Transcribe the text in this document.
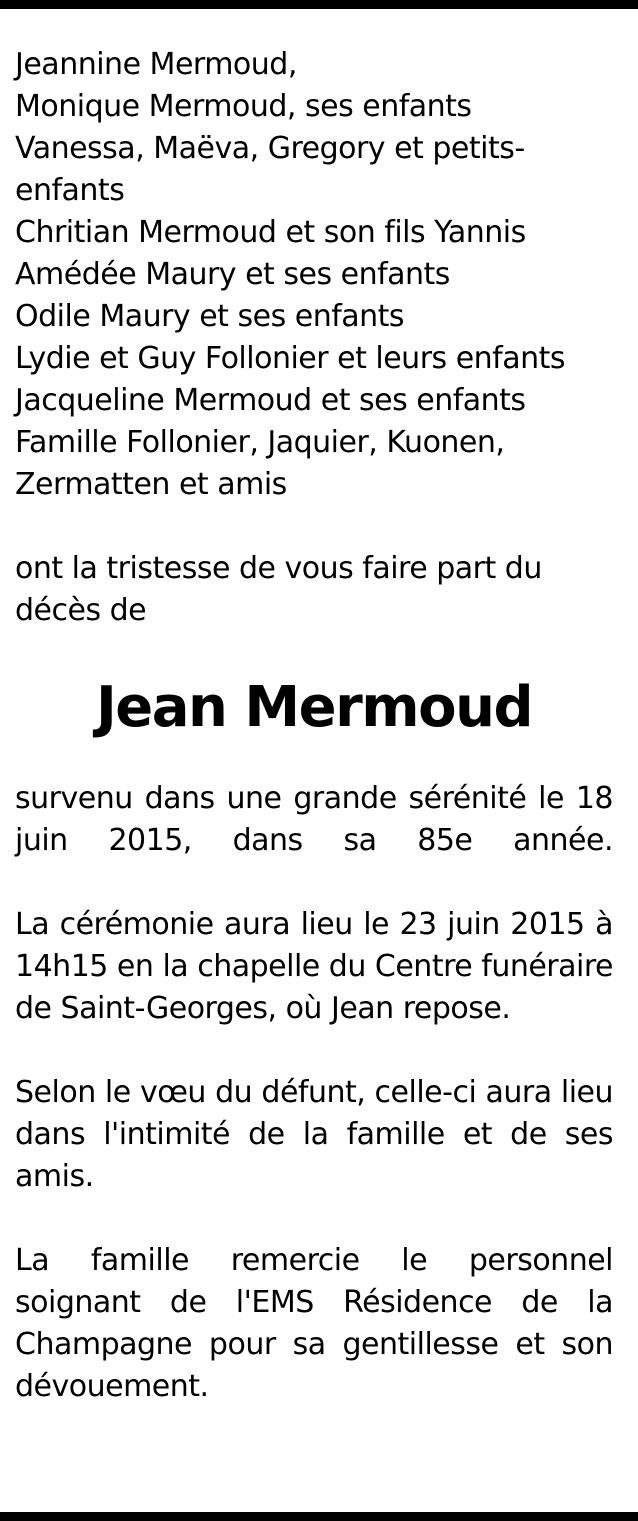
Jeannine Mermoud,
Monique Mermoud, ses enfants
Vanessa, Maëva, Gregory et petits-
enfants
Chritian Mermoud et son fils Yannis
Amédée Maury et ses enfants
Odile Maury et ses enfants
Lydie et Guy Follonier et leurs enfants
Jacqueline Mermoud et ses enfants
Famille Follonier, Jaquier, Kuonen,
Zermatten et amis

ont la tristesse de vous faire part du décès de

Jean Mermoud

survenu dans une grande sérénité le 18 juin 2015, dans sa 85e année.

La cérémonie aura lieu le 23 juin 2015 à 14h15 en la chapelle du Centre funéraire de Saint-Georges, où Jean repose.

Selon le vœu du défunt, celle-ci aura lieu dans l'intimité de la famille et de ses amis.

La famille remercie le personnel soignant de l'EMS Résidence de la Champagne pour sa gentillesse et son dévouement.
